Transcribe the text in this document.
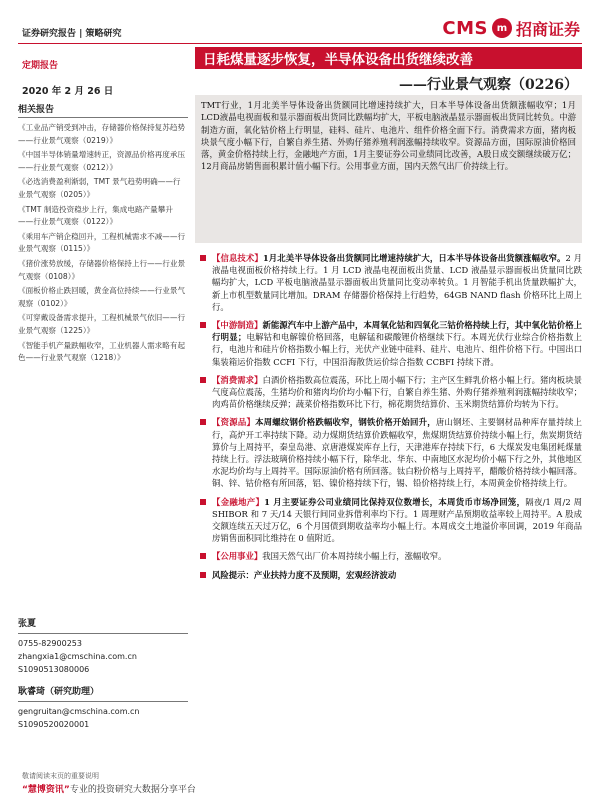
证券研究报告 | 策略研究	CMS m 招商证券
定期报告
2020 年 2 月 26 日
日耗煤量逐步恢复，半导体设备出货继续改善
——行业景气观察（0226）
相关报告
《工业品产销受到冲击，存储器价格保持复苏趋势——行业景气观察（0219）》
《中国半导体销量增速转正，资源品价格再度承压——行业景气观察（0212）》
《必选消费盈利渐弱，TMT 景气趋势明确——行业景气观察（0205）》
《TMT 制造投资稳步上行，集成电路产量攀升——行业景气观察（0122）》
《乘用车产销企稳回升，工程机械需求不减——行业景气观察（0115）》
《猪价涨势放缓，存储器价格保持上行——行业景气观察（0108）》
《面板价格止跌回暖，黄金高位持续——行业景气观察（0102）》
《可穿戴设备需求提升，工程机械景气依旧——行业景气观察（1225）》
《智能手机产量跌幅收窄，工业机器人需求略有起色——行业景气观察（1218）》
张夏
0755-82900253
zhangxia1@cmschina.com.cn
S1090513080006
耿睿琦（研究助理）
gengruitan@cmschina.com.cn
S1090520020001
TMT行业，1月北美半导体设备出货额同比增速持续扩大，日本半导体设备出货额涨幅收窄；1月LCD液晶电视面板和显示器面板出货同比跌幅均扩大，平板电脑液晶显示器面板出货同比转负。中游制造方面，氧化钴价格上行明显，硅料、硅片、电池片、组件价格全面下行。消费需求方面，猪肉板块景气度小幅下行，自繁自养生猪、外购仔猪养殖利润涨幅持续收窄。资源品方面，国际原油价格回落，黄金价格持续上行，金融地产方面，1月主要证券公司业绩同比改善，A股日成交额继续破万亿；12月商品房销售面积累计值小幅下行。公用事业方面，国内天然气出厂价持续上行。
【信息技术】1月北美半导体设备出货额同比增速持续扩大，日本半导体设备出货额涨幅收窄。2 月液晶电视面板价格持续上行。1 月 LCD 液晶电视面板出货量、LCD 液晶显示器面板出货量同比跌幅均扩大，LCD 平板电脑液晶显示器面板出货量同比变动率转负。1 月智能手机出货量跌幅扩大，新上市机型数量同比增加。DRAM 存储器价格保持上行趋势，64GB NAND flash 价格环比上周上行。
【中游制造】新能源汽车中上游产品中，本周氧化钴和四氧化三钴价格持续上行，其中氧化钴价格上行明显；电解钴和电解镍价格回落，电解锰和碳酸锂价格继续下行。本周光伏行业综合价格指数上行，电池片和硅片价格指数小幅上行，光伏产业链中硅料、硅片、电池片、组件价格下行。中国出口集装箱运价指数 CCFI 下行，中国沿海散货运价综合指数 CCBFI 持续下滑。
【消费需求】白酒价格指数高位震荡，环比上周小幅下行；主产区生鲜乳价格小幅上行。猪肉板块景气度高位震荡，生猪均价和猪肉均价均小幅下行，自繁自养生猪、外购仔猪养殖利润涨幅持续收窄；肉鸡苗价格继续反弹；蔬菜价格指数环比下行，棉花期货结算价、玉米期货结算价均转为下行。
【资源品】本周螺纹钢价格跌幅收窄，钢铁价格开始回升，唐山钢坯、主要钢材品种库存量持续上行，高炉开工率持续下降。动力煤期货结算价跌幅收窄，焦煤期货结算价持续小幅上行，焦炭期货结算价与上周持平，秦皇岛港、京唐港煤炭库存上行，天津港库存持续下行，6 大煤炭发电集团耗煤量持续上行。浮法玻璃价格持续小幅下行，除华北、华东、中南地区水泥均价小幅下行之外，其他地区水泥均价均与上周持平。国际原油价格有所回落。钛白粉价格与上周持平，醋酸价格持续小幅回落。铜、锌、钴价格有所回落，铝、镍价格持续下行，锡、铅价格持续上行，本周黄金价格持续上行。
【金融地产】1 月主要证券公司业绩同比保持双位数增长，本周货币市场净回笼，隔夜/1 周/2 周 SHIBOR 和 7 天/14 天银行间同业拆借利率均下行。1 周理财产品预期收益率较上周持平。A 股成交额连续五天过万亿，6 个月国债到期收益率均小幅上行。本周成交土地溢价率回调，2019 年商品房销售面积同比维持在 0 值附近。
【公用事业】我国天然气出厂价本周持续小幅上行，涨幅收窄。
风险提示：产业扶持力度不及预期，宏观经济波动
敬请阅读末页的重要说明
“慧博资讯”专业的投资研究大数据分享平台
